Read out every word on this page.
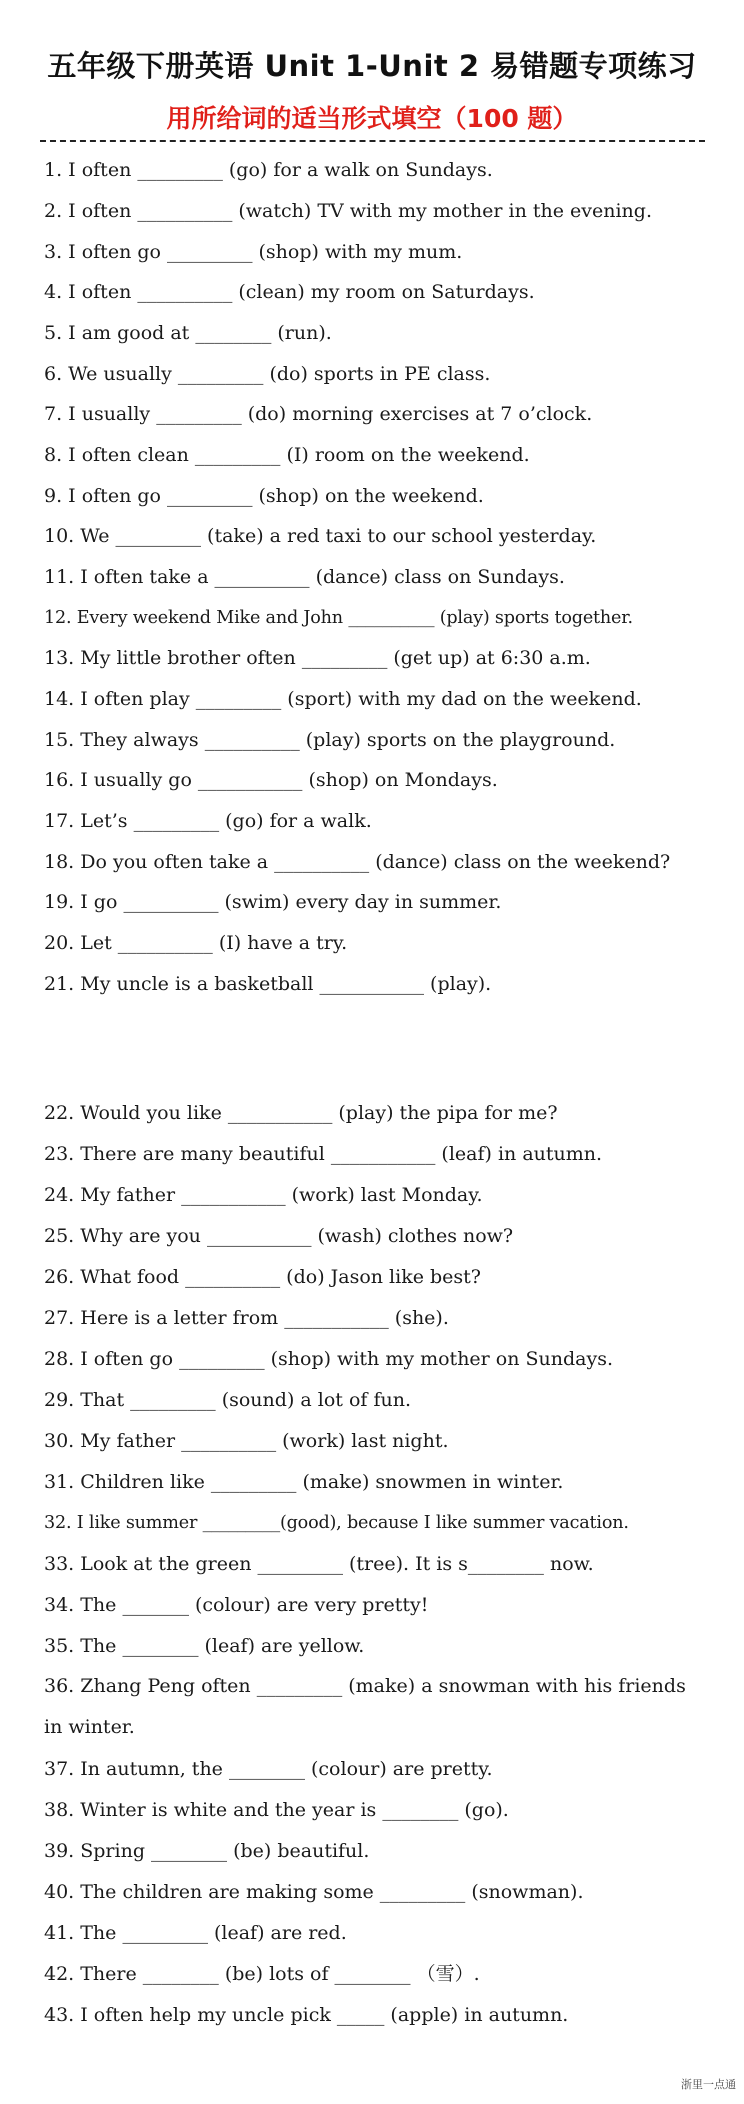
五年级下册英语 Unit 1-Unit 2 易错题专项练习
用所给词的适当形式填空（100 题）
1. I often _________ (go) for a walk on Sundays.
2. I often __________ (watch) TV with my mother in the evening.
3. I often go _________ (shop) with my mum.
4. I often __________ (clean) my room on Saturdays.
5. I am good at ________ (run).
6. We usually _________ (do) sports in PE class.
7. I usually _________ (do) morning exercises at 7 o’clock.
8. I often clean _________ (I) room on the weekend.
9. I often go _________ (shop) on the weekend.
10. We _________ (take) a red taxi to our school yesterday.
11. I often take a __________ (dance) class on Sundays.
12. Every weekend Mike and John __________ (play) sports together.
13. My little brother often _________ (get up) at 6:30 a.m.
14. I often play _________ (sport) with my dad on the weekend.
15. They always __________ (play) sports on the playground.
16. I usually go ___________ (shop) on Mondays.
17. Let’s _________ (go) for a walk.
18. Do you often take a __________ (dance) class on the weekend?
19. I go __________ (swim) every day in summer.
20. Let __________ (I) have a try.
21. My uncle is a basketball ___________ (play).
22. Would you like ___________ (play) the pipa for me?
23. There are many beautiful ___________ (leaf) in autumn.
24. My father ___________ (work) last Monday.
25. Why are you ___________ (wash) clothes now?
26. What food __________ (do) Jason like best?
27. Here is a letter from ___________ (she).
28. I often go _________ (shop) with my mother on Sundays.
29. That _________ (sound) a lot of fun.
30. My father __________ (work) last night.
31. Children like _________ (make) snowmen in winter.
32. I like summer _________(good), because I like summer vacation.
33. Look at the green _________ (tree). It is s________ now.
34. The _______ (colour) are very pretty!
35. The ________ (leaf) are yellow.
36. Zhang Peng often _________ (make) a snowman with his friends in winter.
37. In autumn, the ________ (colour) are pretty.
38. Winter is white and the year is ________ (go).
39. Spring ________ (be) beautiful.
40. The children are making some _________ (snowman).
41. The _________ (leaf) are red.
42. There ________ (be) lots of ________ （雪）.
43. I often help my uncle pick _____ (apple) in autumn.
浙里一点通
